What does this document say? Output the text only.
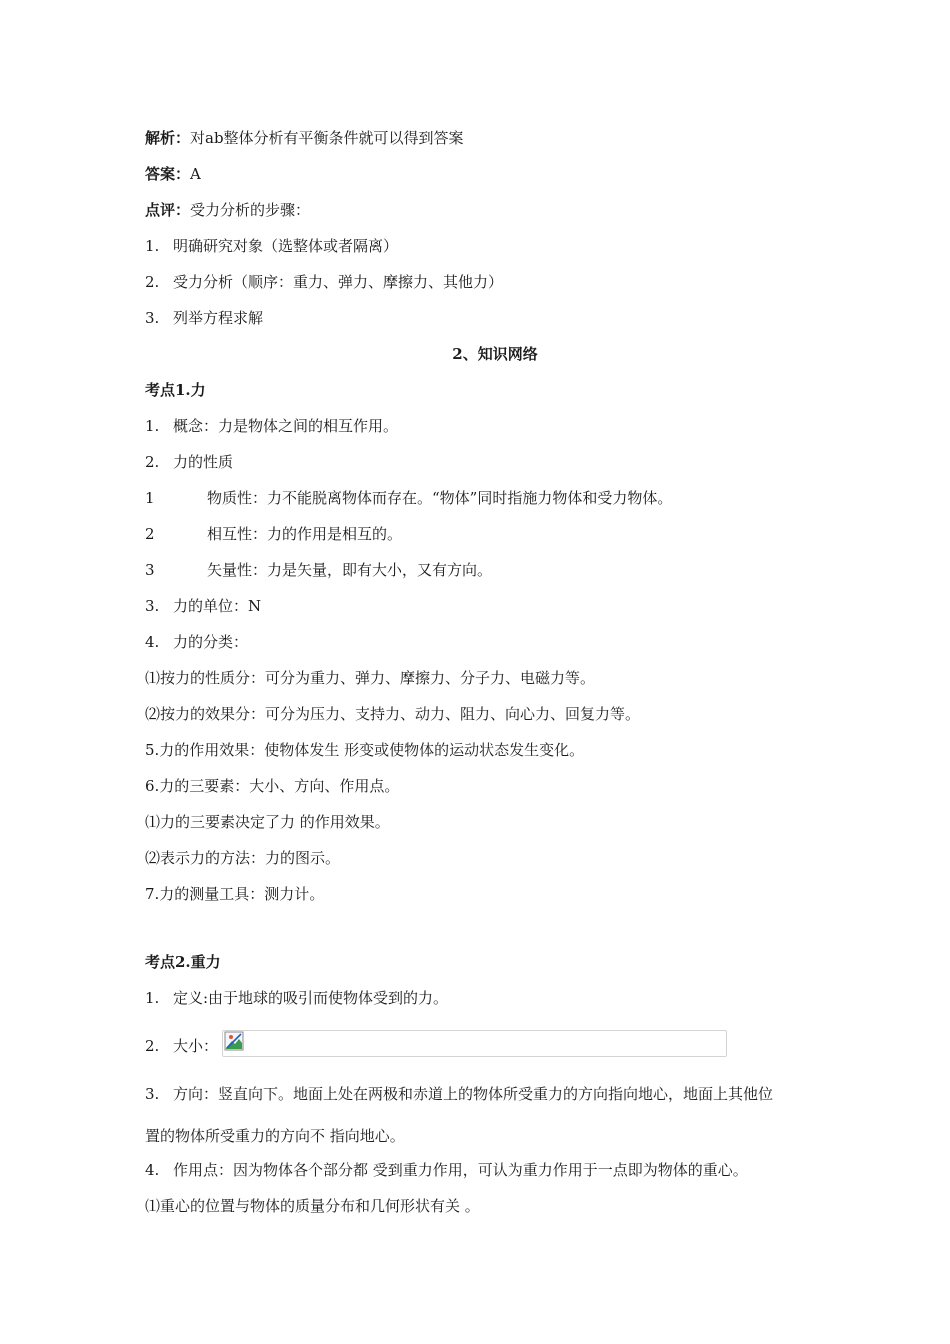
解析：对ab整体分析有平衡条件就可以得到答案
答案：A
点评：受力分析的步骤：
1. 明确研究对象（选整体或者隔离）
2. 受力分析（顺序：重力、弹力、摩擦力、其他力）
3. 列举方程求解
2、知识网络
考点1.力
1. 概念：力是物体之间的相互作用。
2. 力的性质
1	物质性：力不能脱离物体而存在。“物体”同时指施力物体和受力物体。
2	相互性：力的作用是相互的。
3	矢量性：力是矢量，即有大小，又有方向。
3. 力的单位：N
4. 力的分类：
⑴按力的性质分：可分为重力、弹力、摩擦力、分子力、电磁力等。
⑵按力的效果分：可分为压力、支持力、动力、阻力、向心力、回复力等。
5.力的作用效果：使物体发生 形变或使物体的运动状态发生变化。
6.力的三要素：大小、方向、作用点。
⑴力的三要素决定了力 的作用效果。
⑵表示力的方法：力的图示。
7.力的测量工具：测力计。
考点2.重力
1. 定义:由于地球的吸引而使物体受到的力。
2. 大小：
3. 方向：竖直向下。地面上处在两极和赤道上的物体所受重力的方向指向地心，地面上其他位
置的物体所受重力的方向不 指向地心。
4. 作用点：因为物体各个部分都 受到重力作用，可认为重力作用于一点即为物体的重心。
⑴重心的位置与物体的质量分布和几何形状有关 。
